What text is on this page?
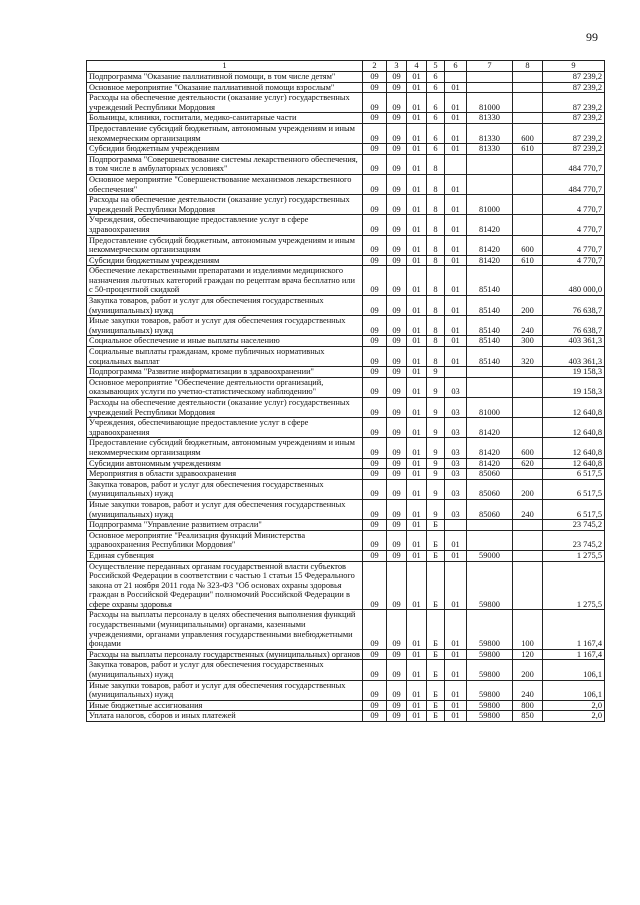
99
1	2	3	4	5	6	7	8	9
Подпрограмма "Оказание паллиативной помощи, в том числе детям"	09	09	01	6				87 239,2
Основное мероприятие "Оказание паллиативной помощи взрослым"	09	09	01	6	01			87 239,2
Расходы на обеспечение деятельности (оказание услуг) государственных учреждений Республики Мордовия	09	09	01	6	01	81000		87 239,2
Больницы, клиники, госпитали, медико-санитарные части	09	09	01	6	01	81330		87 239,2
Предоставление субсидий бюджетным, автономным учреждениям и иным некоммерческим организациям	09	09	01	6	01	81330	600	87 239,2
Субсидии бюджетным учреждениям	09	09	01	6	01	81330	610	87 239,2
Подпрограмма "Совершенствование системы лекарственного обеспечения, в том числе в амбулаторных условиях"	09	09	01	8				484 770,7
Основное мероприятие "Совершенствование механизмов лекарственного обеспечения"	09	09	01	8	01			484 770,7
Расходы на обеспечение деятельности (оказание услуг) государственных учреждений Республики Мордовия	09	09	01	8	01	81000		4 770,7
Учреждения, обеспечивающие предоставление услуг в сфере здравоохранения	09	09	01	8	01	81420		4 770,7
Предоставление субсидий бюджетным, автономным учреждениям и иным некоммерческим организациям	09	09	01	8	01	81420	600	4 770,7
Субсидии бюджетным учреждениям	09	09	01	8	01	81420	610	4 770,7
Обеспечение лекарственными препаратами и изделиями медицинского назначения льготных категорий граждан по рецептам врача бесплатно или с 50-процентной скидкой	09	09	01	8	01	85140		480 000,0
Закупка товаров, работ и услуг для обеспечения государственных (муниципальных) нужд	09	09	01	8	01	85140	200	76 638,7
Иные закупки товаров, работ и услуг для обеспечения государственных (муниципальных) нужд	09	09	01	8	01	85140	240	76 638,7
Социальное обеспечение и иные выплаты населению	09	09	01	8	01	85140	300	403 361,3
Социальные выплаты гражданам, кроме публичных нормативных социальных выплат	09	09	01	8	01	85140	320	403 361,3
Подпрограмма "Развитие информатизации в здравоохранении"	09	09	01	9				19 158,3
Основное мероприятие "Обеспечение деятельности организаций, оказывающих услуги по учетно-статистическому наблюдению"	09	09	01	9	03			19 158,3
Расходы на обеспечение деятельности (оказание услуг) государственных учреждений Республики Мордовия	09	09	01	9	03	81000		12 640,8
Учреждения, обеспечивающие предоставление услуг в сфере здравоохранения	09	09	01	9	03	81420		12 640,8
Предоставление субсидий бюджетным, автономным учреждениям и иным некоммерческим организациям	09	09	01	9	03	81420	600	12 640,8
Субсидии автономным учреждениям	09	09	01	9	03	81420	620	12 640,8
Мероприятия в области здравоохранения	09	09	01	9	03	85060		6 517,5
Закупка товаров, работ и услуг для обеспечения государственных (муниципальных) нужд	09	09	01	9	03	85060	200	6 517,5
Иные закупки товаров, работ и услуг для обеспечения государственных (муниципальных) нужд	09	09	01	9	03	85060	240	6 517,5
Подпрограмма "Управление развитием отрасли"	09	09	01	Б				23 745,2
Основное мероприятие "Реализация функций Министерства здравоохранения Республики Мордовия"	09	09	01	Б	01			23 745,2
Единая субвенция	09	09	01	Б	01	59000		1 275,5
Осуществление переданных органам государственной власти субъектов Российской Федерации в соответствии с частью 1 статьи 15 Федерального закона от 21 ноября 2011 года № 323-ФЗ "Об основах охраны здоровья граждан в Российской Федерации" полномочий Российской Федерации в сфере охраны здоровья	09	09	01	Б	01	59800		1 275,5
Расходы на выплаты персоналу в целях обеспечения выполнения функций государственными (муниципальными) органами, казенными учреждениями, органами управления государственными внебюджетными фондами	09	09	01	Б	01	59800	100	1 167,4
Расходы на выплаты персоналу государственных (муниципальных) органов	09	09	01	Б	01	59800	120	1 167,4
Закупка товаров, работ и услуг для обеспечения государственных (муниципальных) нужд	09	09	01	Б	01	59800	200	106,1
Иные закупки товаров, работ и услуг для обеспечения государственных (муниципальных) нужд	09	09	01	Б	01	59800	240	106,1
Иные бюджетные ассигнования	09	09	01	Б	01	59800	800	2,0
Уплата налогов, сборов и иных платежей	09	09	01	Б	01	59800	850	2,0
